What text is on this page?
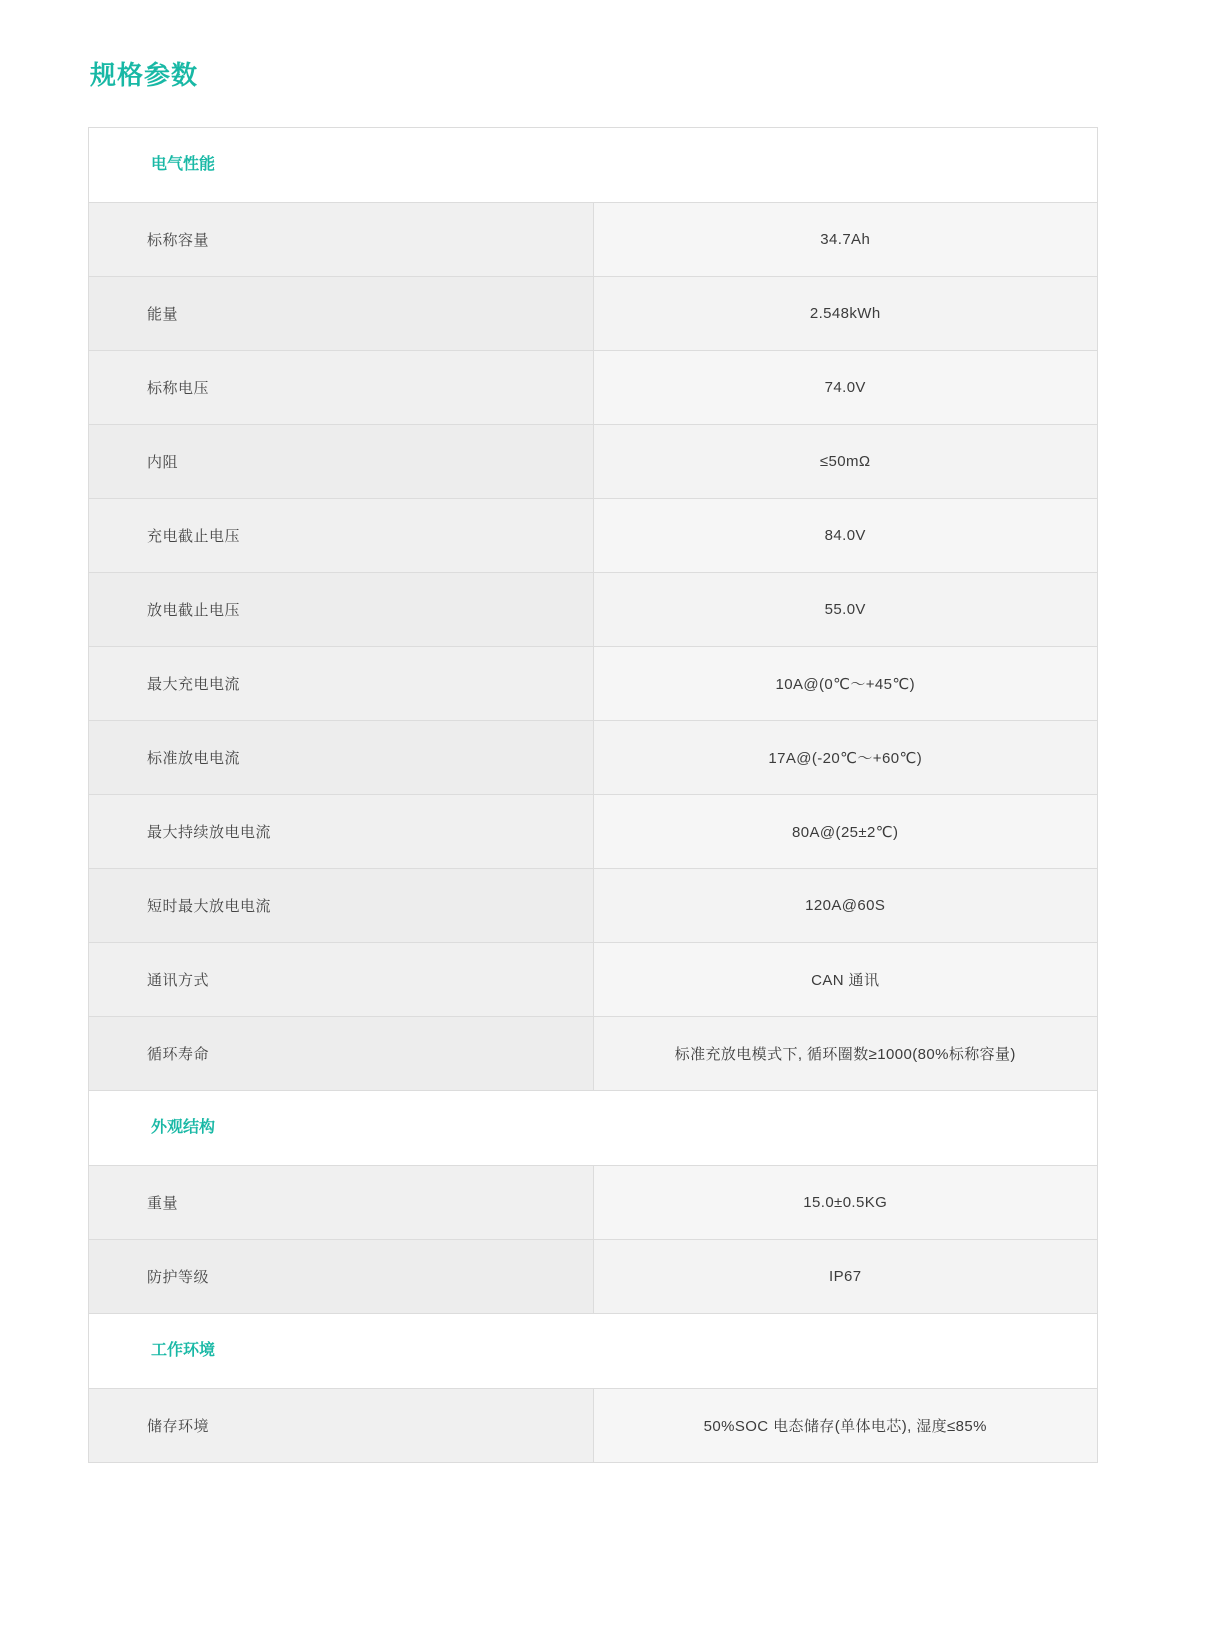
规格参数
电气性能	

标称容量	34.7Ah
能量	2.548kWh
标称电压	74.0V
内阻	≤50mΩ
充电截止电压	84.0V
放电截止电压	55.0V
最大充电电流	10A@(0℃～+45℃)
标准放电电流	17A@(-20℃～+60℃)
最大持续放电电流	80A@(25±2℃)
短时最大放电电流	120A@60S
通讯方式	CAN 通讯
循环寿命	标准充放电模式下, 循环圈数≥1000(80%标称容量)

外观结构	

重量	15.0±0.5KG
防护等级	IP67

工作环境	

储存环境	50%SOC 电态储存(单体电芯), 湿度≤85%
